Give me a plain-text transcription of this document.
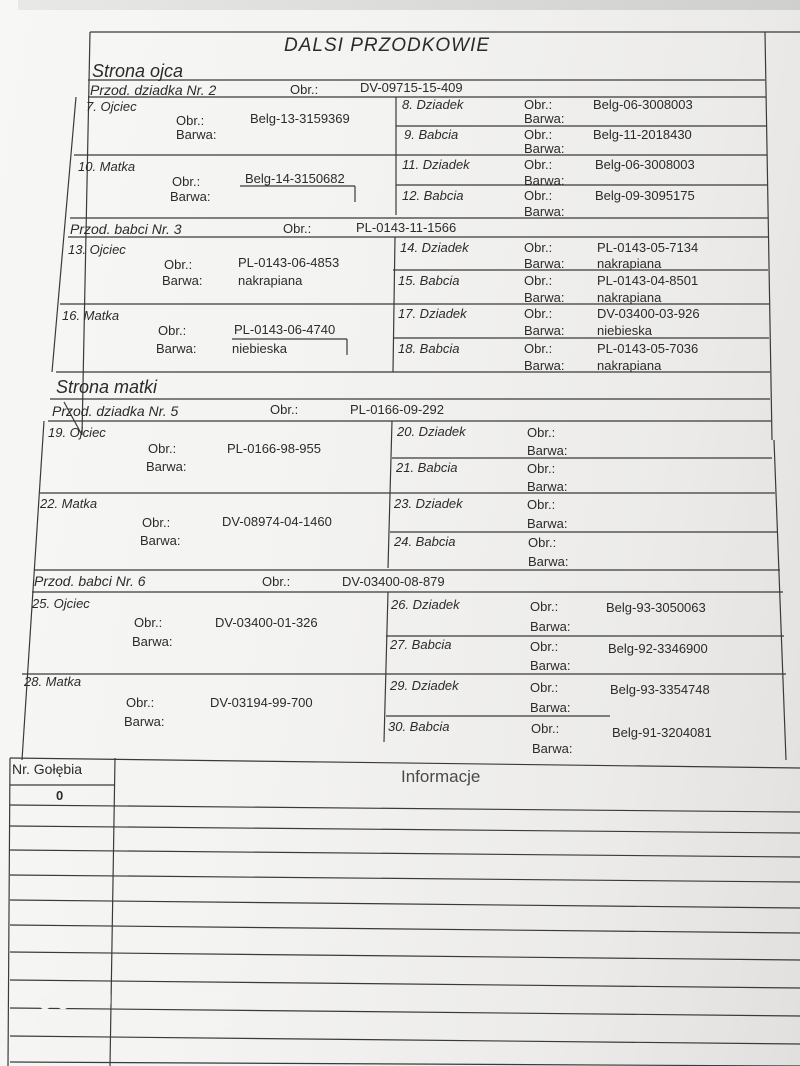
DALSI PRZODKOWIE
Strona ojca
Przod. dziadka Nr. 2	Obr.:	DV-09715-15-409
7. Ojciec
Obr.:	Belg-13-3159369
Barwa:
8. Dziadek	Obr.:	Belg-06-3008003
Barwa:
9. Babcia	Obr.:	Belg-11-2018430
Barwa:
10. Matka
Obr.:	Belg-14-3150682
Barwa:
11. Dziadek	Obr.:	Belg-06-3008003
Barwa:
12. Babcia	Obr.:	Belg-09-3095175
Barwa:
Przod. babci Nr. 3	Obr.:	PL-0143-11-1566
13. Ojciec
Obr.:	PL-0143-06-4853
Barwa:	nakrapiana
14. Dziadek	Obr.:	PL-0143-05-7134
Barwa:	nakrapiana
15. Babcia	Obr.:	PL-0143-04-8501
Barwa:	nakrapiana
16. Matka
Obr.:	PL-0143-06-4740
Barwa:	niebieska
17. Dziadek	Obr.:	DV-03400-03-926
Barwa:	niebieska
18. Babcia	Obr.:	PL-0143-05-7036
Barwa:	nakrapiana
Strona matki
Przod. dziadka Nr. 5	Obr.:	PL-0166-09-292
19. Ojciec
Obr.:	PL-0166-98-955
Barwa:
20. Dziadek	Obr.:
Barwa:
21. Babcia	Obr.:
Barwa:
22. Matka
Obr.:	DV-08974-04-1460
Barwa:
23. Dziadek	Obr.:
Barwa:
24. Babcia	Obr.:
Barwa:
Przod. babci Nr. 6	Obr.:	DV-03400-08-879
25. Ojciec
Obr.:	DV-03400-01-326
Barwa:
26. Dziadek	Obr.:	Belg-93-3050063
Barwa:
27. Babcia	Obr.:	Belg-92-3346900
Barwa:
28. Matka
Obr.:	DV-03194-99-700
Barwa:
29. Dziadek	Obr.:	Belg-93-3354748
Barwa:
30. Babcia	Obr.:	Belg-91-3204081
Barwa:
Nr. Gołębia
0
Informacje
SHOT ON REDMI 9
AI QUAD CAMERA
